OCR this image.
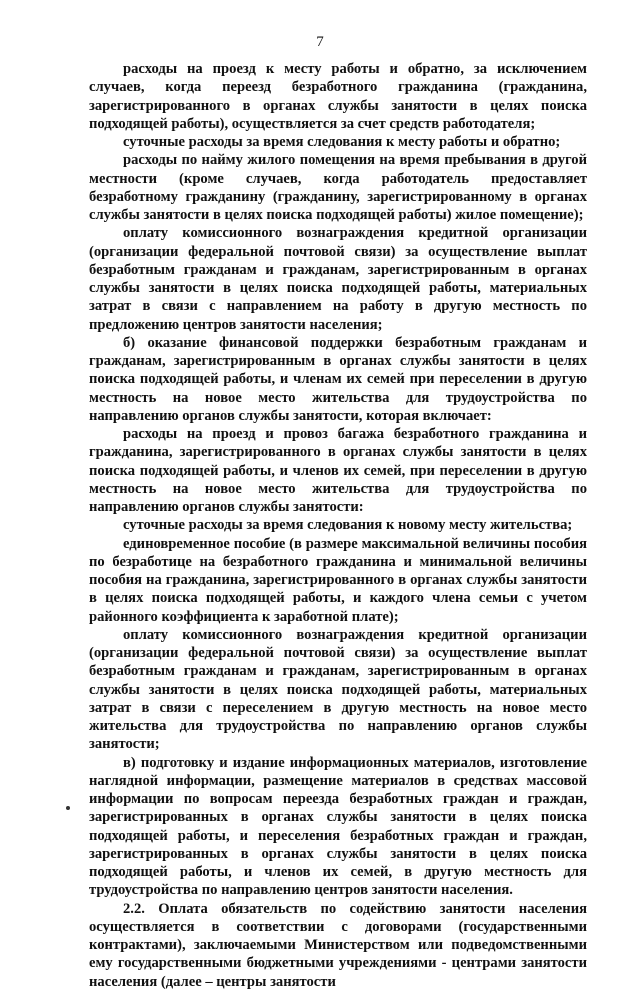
7

расходы на проезд к месту работы и обратно, за исключением случаев, когда переезд безработного гражданина (гражданина, зарегистрированного в органах службы занятости в целях поиска подходящей работы), осуществляется за счет средств работодателя;

суточные расходы за время следования к месту работы и обратно;

расходы по найму жилого помещения на время пребывания в другой местности (кроме случаев, когда работодатель предоставляет безработному гражданину (гражданину, зарегистрированному в органах службы занятости в целях поиска подходящей работы) жилое помещение);

оплату комиссионного вознаграждения кредитной организации (организации федеральной почтовой связи) за осуществление выплат безработным гражданам и гражданам, зарегистрированным в органах службы занятости в целях поиска подходящей работы, материальных затрат в связи с направлением на работу в другую местность по предложению центров занятости населения;

б) оказание финансовой поддержки безработным гражданам и гражданам, зарегистрированным в органах службы занятости в целях поиска подходящей работы, и членам их семей при переселении в другую местность на новое место жительства для трудоустройства по направлению органов службы занятости, которая включает:

расходы на проезд и провоз багажа безработного гражданина и гражданина, зарегистрированного в органах службы занятости в целях поиска подходящей работы, и членов их семей, при переселении в другую местность на новое место жительства для трудоустройства по направлению органов службы занятости:

суточные расходы за время следования к новому месту жительства;

единовременное пособие (в размере максимальной величины пособия по безработице на безработного гражданина и минимальной величины пособия на гражданина, зарегистрированного в органах службы занятости в целях поиска подходящей работы, и каждого члена семьи с учетом районного коэффициента к заработной плате);

оплату комиссионного вознаграждения кредитной организации (организации федеральной почтовой связи) за осуществление выплат безработным гражданам и гражданам, зарегистрированным в органах службы занятости в целях поиска подходящей работы, материальных затрат в связи с переселением в другую местность на новое место жительства для трудоустройства по направлению органов службы занятости;

в) подготовку и издание информационных материалов, изготовление наглядной информации, размещение материалов в средствах массовой информации по вопросам переезда безработных граждан и граждан, зарегистрированных в органах службы занятости в целях поиска подходящей работы, и переселения безработных граждан и граждан, зарегистрированных в органах службы занятости в целях поиска подходящей работы, и членов их семей, в другую местность для трудоустройства по направлению центров занятости населения.

2.2. Оплата обязательств по содействию занятости населения осуществляется в соответствии с договорами (государственными контрактами), заключаемыми Министерством или подведомственными ему государственными бюджетными учреждениями - центрами занятости населения (далее – центры занятости
